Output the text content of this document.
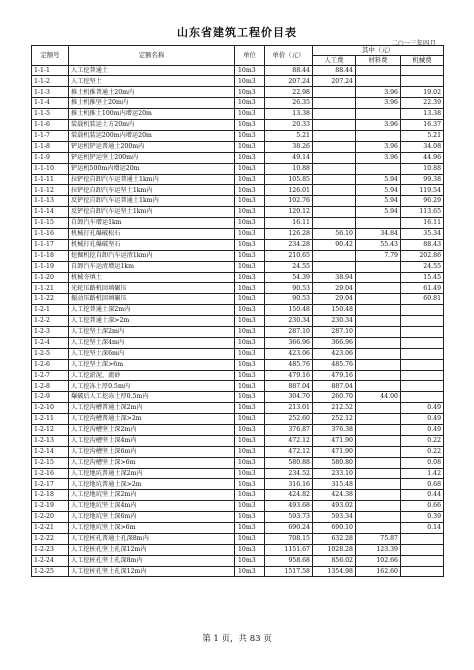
山东省建筑工程价目表
二○一三年四月
定额号	定额名称	单位	单价（元）	其中（元）		
				人工费	材料费	机械费
1-1-1	人工挖普通土	10m3	88.44	88.44		
1-1-2	人工挖坚土	10m3	207.24	207.24		
1-1-3	推土机推普通土20m内	10m3	22.98		3.96	19.02
1-1-4	推土机推坚土20m内	10m3	26.35		3.96	22.39
1-1-5	推土机推土100m内增运20m	10m3	13.38			13.38
1-1-6	装载机装运土方20m内	10m3	20.33		3.96	16.37
1-1-7	装载机装运200m内增运20m	10m3	5.21			5.21
1-1-8	铲运机铲运普通土200m内	10m3	38.26		3.96	34.08
1-1-9	铲运机铲运坚土200m内	10m3	49.14		3.96	44.96
1-1-10	铲运机500m内增运20m	10m3	10.88			10.88
1-1-11	拉铲挖自卸汽车运普通土1km内	10m3	105.85		5.94	99.38
1-1-12	拉铲挖自卸汽车运坚土1km内	10m3	126.01		5.94	119.54
1-1-13	反铲挖自卸汽车运普通土1km内	10m3	102.76		5.94	96.29
1-1-14	反铲挖自卸汽车运坚土1km内	10m3	120.12		5.94	113.65
1-1-15	自卸汽车增运1km	10m3	16.11			16.11
1-1-16	机械打孔爆破松石	10m3	126.28	56.10	34.84	35.34
1-1-17	机械打孔爆破坚石	10m3	234.28	90.42	55.43	88.43
1-1-18	挖掘机挖自卸汽车运渣1km内	10m3	210.65		7.79	202.86
1-1-19	自卸汽车运渣增运1km	10m3	24.55			24.55
1-1-20	机械夯填土	10m3	54.39	38.94		15.45
1-1-21	光轮压路机回填碾压	10m3	90.53	29.04		61.49
1-1-22	振动压路机回填碾压	10m3	90.53	29.04		60.81
1-2-1	人工挖普通土深2m内	10m3	150.48	150.48		
1-2-2	人工挖普通土深>2m	10m3	230.34	230.34		
1-2-3	人工挖坚土深2m内	10m3	287.10	287.10		
1-2-4	人工挖坚土深4m内	10m3	366.96	366.96		
1-2-5	人工挖坚土深6m内	10m3	423.06	423.06		
1-2-6	人工挖坚土深>6m	10m3	485.76	485.76		
1-2-7	人工挖淤泥、流砂	10m3	479.16	479.16		
1-2-8	人工挖冻土厚0.5m内	10m3	887.04	887.04		
1-2-9	爆破后人工挖冻土厚0.5m内	10m3	304.70	260.70	44.00	
1-2-10	人工挖沟槽普通土深2m内	10m3	213.01	212.52		0.49
1-2-11	人工挖沟槽普通土深>2m	10m3	252.60	252.12		0.49
1-2-12	人工挖沟槽坚土深2m内	10m3	376.87	376.38		0.49
1-2-13	人工挖沟槽坚土深4m内	10m3	472.12	471.90		0.22
1-2-14	人工挖沟槽坚土深6m内	10m3	472.12	471.90		0.22
1-2-15	人工挖沟槽坚土深>6m	10m3	580.88	580.80		0.08
1-2-16	人工挖地坑普通土深2m内	10m3	234.52	233.10		1.42
1-2-17	人工挖地坑普通土深>2m	10m3	316.16	315.48		0.68
1-2-18	人工挖地坑坚土深2m内	10m3	424.82	424.38		0.44
1-2-19	人工挖地坑坚土深4m内	10m3	493.68	493.02		0.66
1-2-20	人工挖地坑坚土深6m内	10m3	593.73	593.34		0.39
1-2-21	人工挖地坑坚土深>6m	10m3	690.24	690.10		0.14
1-2-22	人工挖桩孔普通土孔深8m内	10m3	708.15	632.28	75.87	
1-2-23	人工挖桩孔坚土孔深12m内	10m3	1151.67	1028.28	123.39	
1-2-24	人工挖桩孔坚土孔深8m内	10m3	958.68	856.02	102.66	
1-2-25	人工挖桩孔坚土孔深12m内	10m3	1517.58	1354.98	162.60	
第 1 页，共 83 页
